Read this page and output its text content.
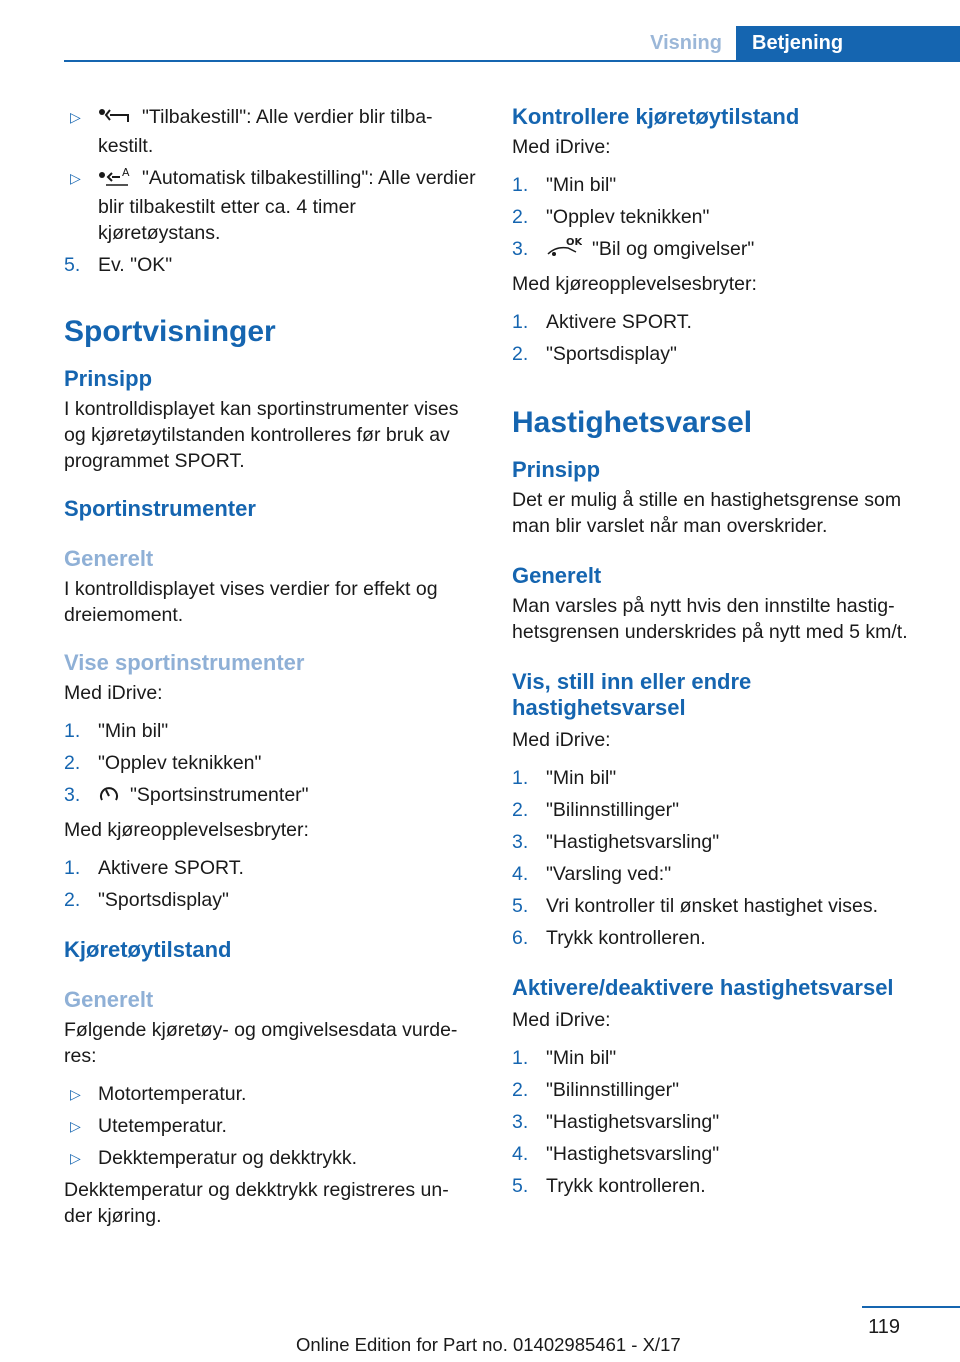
Visning	Betjening
▷	"Tilbakestill": Alle verdier blir tilba- kestilt.
▷	A "Automatisk tilbakestilling": Alle verdier blir tilbakestilt etter ca. 4 timer kjøretøystans.
5. Ev. "OK"
Sportvisninger
Prinsipp

I kontrolldisplayet kan sportinstrumenter vises og kjøretøytilstanden kontrolleres før bruk av programmet SPORT.

Sportinstrumenter
Generelt

I kontrolldisplayet vises verdier for effekt og dreiemoment.

Vise sportinstrumenter

Med iDrive:

1. "Min bil"
2. "Opplev teknikken"
3.	"Sportsinstrumenter"

Med kjøreopplevelsesbryter:

1. Aktivere SPORT.
2. "Sportsdisplay"
Kjøretøytilstand
Generelt

Følgende kjøretøy- og omgivelsesdata vurde- res:

▷ Motortemperatur.
▷ Utetemperatur.
▷ Dekktemperatur og dekktrykk.

Dekktemperatur og dekktrykk registreres un- der kjøring.

Kontrollere kjøretøytilstand

Med iDrive:

1. "Min bil"
2. "Opplev teknikken"
3.	OK "Bil og omgivelser"

Med kjøreopplevelsesbryter:

1. Aktivere SPORT.
2. "Sportsdisplay"
Hastighetsvarsel
Prinsipp

Det er mulig å stille en hastighetsgrense som man blir varslet når man overskrider.

Generelt

Man varsles på nytt hvis den innstilte hastig- hetsgrensen underskrides på nytt med 5 km/t.

Vis, still inn eller endre hastighetsvarsel

Med iDrive:

1. "Min bil"
2. "Bilinnstillinger"
3. "Hastighetsvarsling"
4. "Varsling ved:"
5. Vri kontroller til ønsket hastighet vises.
6. Trykk kontrolleren.
Aktivere/deaktivere hastighetsvarsel

Med iDrive:

1. "Min bil"
2. "Bilinnstillinger"
3. "Hastighetsvarsling"
4. "Hastighetsvarsling"
5. Trykk kontrolleren.
119
Online Edition for Part no. 01402985461 - X/17
